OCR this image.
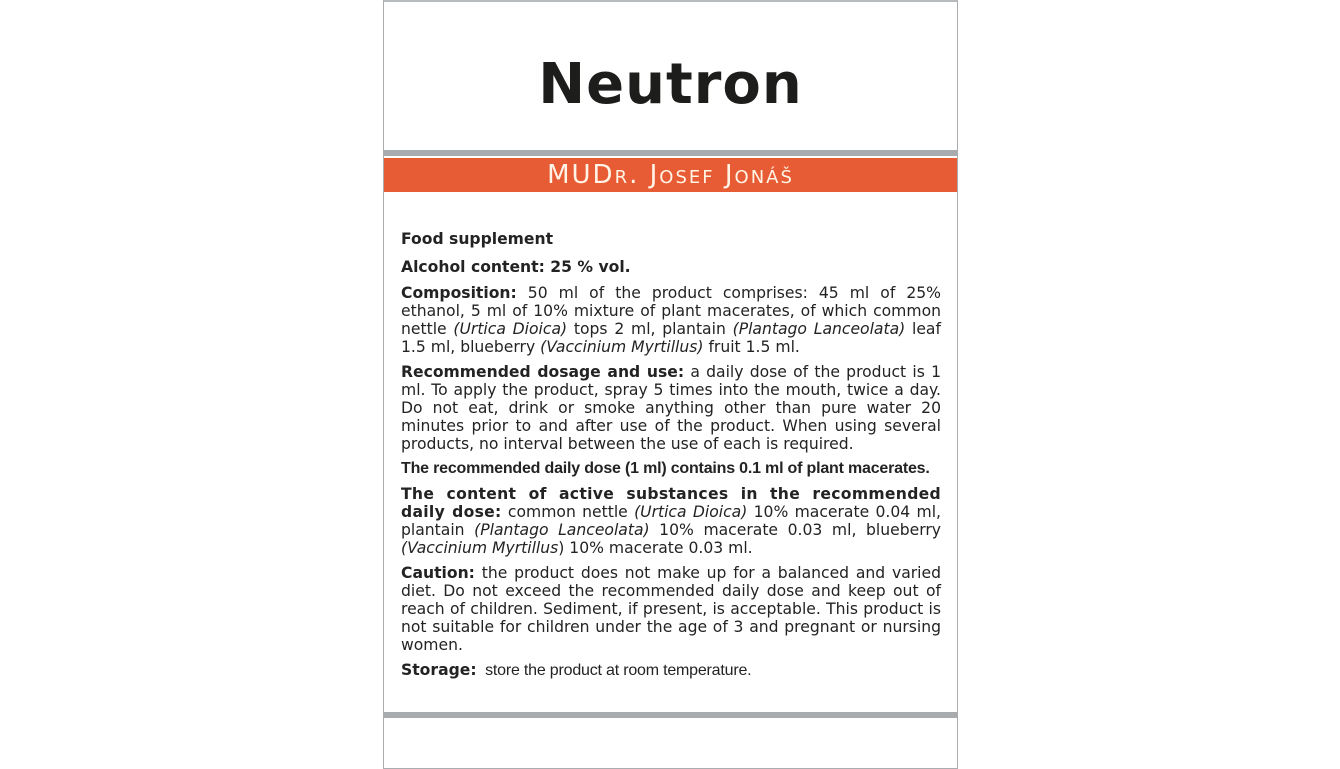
Neutron
MUDr. Josef Jonáš

Food supplement

Alcohol content: 25 % vol.

Composition: 50 ml of the product comprises: 45 ml of 25% ethanol, 5 ml of 10% mixture of plant macerates, of which common nettle (Urtica Dioica) tops 2 ml, plantain (Plantago Lanceolata) leaf 1.5 ml, blueberry (Vaccinium Myrtillus) fruit 1.5 ml.

Recommended dosage and use: a daily dose of the product is 1 ml. To apply the product, spray 5 times into the mouth, twice a day. Do not eat, drink or smoke anything other than pure water 20 minutes prior to and after use of the product. When using several products, no interval between the use of each is required.

The recommended daily dose (1 ml) contains 0.1 ml of plant macerates.

The content of active substances in the recommended daily dose: common nettle (Urtica Dioica) 10% macerate 0.04 ml, plantain (Plantago Lanceolata) 10% macerate 0.03 ml, blueberry (Vaccinium Myrtillus) 10% macerate 0.03 ml.

Caution: the product does not make up for a balanced and varied diet. Do not exceed the recommended daily dose and keep out of reach of children. Sediment, if present, is acceptable. This product is not suitable for children under the age of 3 and pregnant or nursing women.

Storage:  store the product at room temperature.
